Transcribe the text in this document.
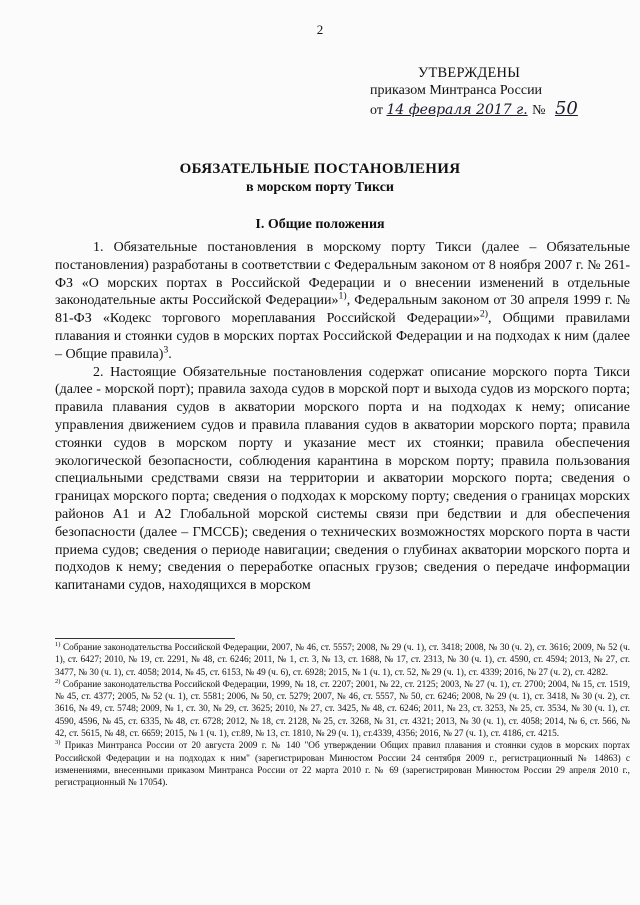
2
УТВЕРЖДЕНЫ
приказом Минтранса России
от 14 февраля 2017 г. № 50
ОБЯЗАТЕЛЬНЫЕ ПОСТАНОВЛЕНИЯ
в морском порту Тикси
I. Общие положения

1. Обязательные постановления в морскому порту Тикси (далее – Обязательные постановления) разработаны в соответствии с Федеральным законом от 8 ноября 2007 г. № 261-ФЗ «О морских портах в Российской Федерации и о внесении изменений в отдельные законодательные акты Российской Федерации»$^{1)}$, Федеральным законом от 30 апреля 1999 г. № 81-ФЗ «Кодекс торгового мореплавания Российской Федерации»$^{2)}$, Общими правилами плавания и стоянки судов в морских портах Российской Федерации и на подходах к ним (далее – Общие правила)$^3$.

2. Настоящие Обязательные постановления содержат описание морского порта Тикси (далее - морской порт); правила захода судов в морской порт и выхода судов из морского порта; правила плавания судов в акватории морского порта и на подходах к нему; описание управления движением судов и правила плавания судов в акватории морского порта; правила стоянки судов в морском порту и указание мест их стоянки; правила обеспечения экологической безопасности, соблюдения карантина в морском порту; правила пользования специальными средствами связи на территории и акватории морского порта; сведения о границах морского порта; сведения о подходах к морскому порту; сведения о границах морских районов А1 и А2 Глобальной морской системы связи при бедствии и для обеспечения безопасности (далее – ГМССБ); сведения о технических возможностях морского порта в части приема судов; сведения о периоде навигации; сведения о глубинах акватории морского порта и подходов к нему; сведения о переработке опасных грузов; сведения о передаче информации капитанами судов, находящихся в морском

$^{1)}$ Собрание законодательства Российской Федерации, 2007, № 46, ст. 5557; 2008, № 29 (ч. 1), ст. 3418; 2008, № 30 (ч. 2), ст. 3616; 2009, № 52 (ч. 1), ст. 6427; 2010, № 19, ст. 2291, № 48, ст. 6246; 2011, № 1, ст. 3, № 13, ст. 1688, № 17, ст. 2313, № 30 (ч. 1), ст. 4590, ст. 4594; 2013, № 27, ст. 3477, № 30 (ч. 1), ст. 4058; 2014, № 45, ст. 6153, № 49 (ч. 6), ст. 6928; 2015, № 1 (ч. 1), ст. 52, № 29 (ч. 1), ст. 4339; 2016, № 27 (ч. 2), ст. 4282.

$^{2)}$ Собрание законодательства Российской Федерации, 1999, № 18, ст. 2207; 2001, № 22, ст. 2125; 2003, № 27 (ч. 1), ст. 2700; 2004, № 15, ст. 1519, № 45, ст. 4377; 2005, № 52 (ч. 1), ст. 5581; 2006, № 50, ст. 5279; 2007, № 46, ст. 5557, № 50, ст. 6246; 2008, № 29 (ч. 1), ст. 3418, № 30 (ч. 2), ст. 3616, № 49, ст. 5748; 2009, № 1, ст. 30, № 29, ст. 3625; 2010, № 27, ст. 3425, № 48, ст. 6246; 2011, № 23, ст. 3253, № 25, ст. 3534, № 30 (ч. 1), ст. 4590, 4596, № 45, ст. 6335, № 48, ст. 6728; 2012, № 18, ст. 2128, № 25, ст. 3268, № 31, ст. 4321; 2013, № 30 (ч. 1), ст. 4058; 2014, № 6, ст. 566, № 42, ст. 5615, № 48, ст. 6659; 2015, № 1 (ч. 1), ст.89, № 13, ст. 1810, № 29 (ч. 1), ст.4339, 4356; 2016, № 27 (ч. 1), ст. 4186, ст. 4215.

$^{3)}$ Приказ Минтранса России от 20 августа 2009 г. № 140 "Об утверждении Общих правил плавания и стоянки судов в морских портах Российской Федерации и на подходах к ним" (зарегистрирован Минюстом России 24 сентября 2009 г., регистрационный № 14863) с изменениями, внесенными приказом Минтранса России от 22 марта 2010 г. № 69 (зарегистрирован Минюстом России 29 апреля 2010 г., регистрационный № 17054).
